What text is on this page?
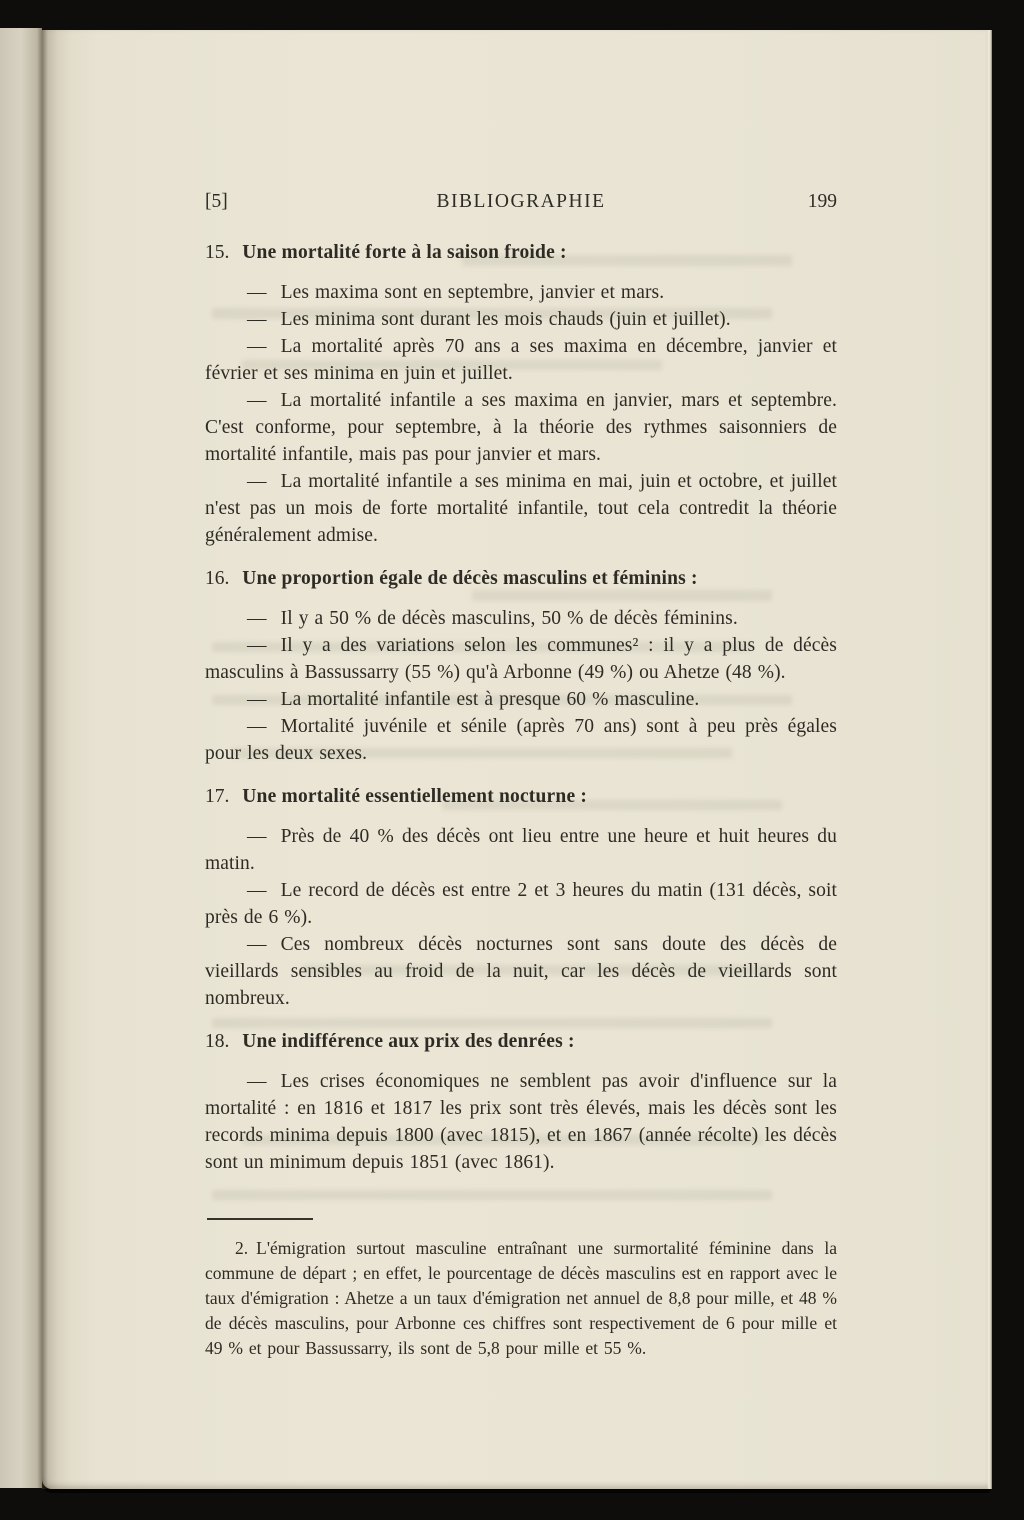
[5]	BIBLIOGRAPHIE	199
15. Une mortalité forte à la saison froide :

— Les maxima sont en septembre, janvier et mars.

— Les minima sont durant les mois chauds (juin et juillet).

— La mortalité après 70 ans a ses maxima en décembre, janvier et février et ses minima en juin et juillet.

— La mortalité infantile a ses maxima en janvier, mars et septembre. C'est conforme, pour septembre, à la théorie des rythmes saisonniers de mortalité infantile, mais pas pour janvier et mars.

— La mortalité infantile a ses minima en mai, juin et octobre, et juillet n'est pas un mois de forte mortalité infantile, tout cela contredit la théorie généralement admise.

16. Une proportion égale de décès masculins et féminins :

— Il y a 50 % de décès masculins, 50 % de décès féminins.

— Il y a des variations selon les communes² : il y a plus de décès masculins à Bassussarry (55 %) qu'à Arbonne (49 %) ou Ahetze (48 %).

— La mortalité infantile est à presque 60 % masculine.

— Mortalité juvénile et sénile (après 70 ans) sont à peu près égales pour les deux sexes.

17. Une mortalité essentiellement nocturne :

— Près de 40 % des décès ont lieu entre une heure et huit heures du matin.

— Le record de décès est entre 2 et 3 heures du matin (131 décès, soit près de 6 %).

— Ces nombreux décès nocturnes sont sans doute des décès de vieillards sensibles au froid de la nuit, car les décès de vieillards sont nombreux.

18. Une indifférence aux prix des denrées :

— Les crises économiques ne semblent pas avoir d'influence sur la mortalité : en 1816 et 1817 les prix sont très élevés, mais les décès sont les records minima depuis 1800 (avec 1815), et en 1867 (année récolte) les décès sont un minimum depuis 1851 (avec 1861).

2. L'émigration surtout masculine entraînant une surmortalité féminine dans la commune de départ ; en effet, le pourcentage de décès masculins est en rapport avec le taux d'émigration : Ahetze a un taux d'émigration net annuel de 8,8 pour mille, et 48 % de décès masculins, pour Arbonne ces chiffres sont respectivement de 6 pour mille et 49 % et pour Bassussarry, ils sont de 5,8 pour mille et 55 %.
